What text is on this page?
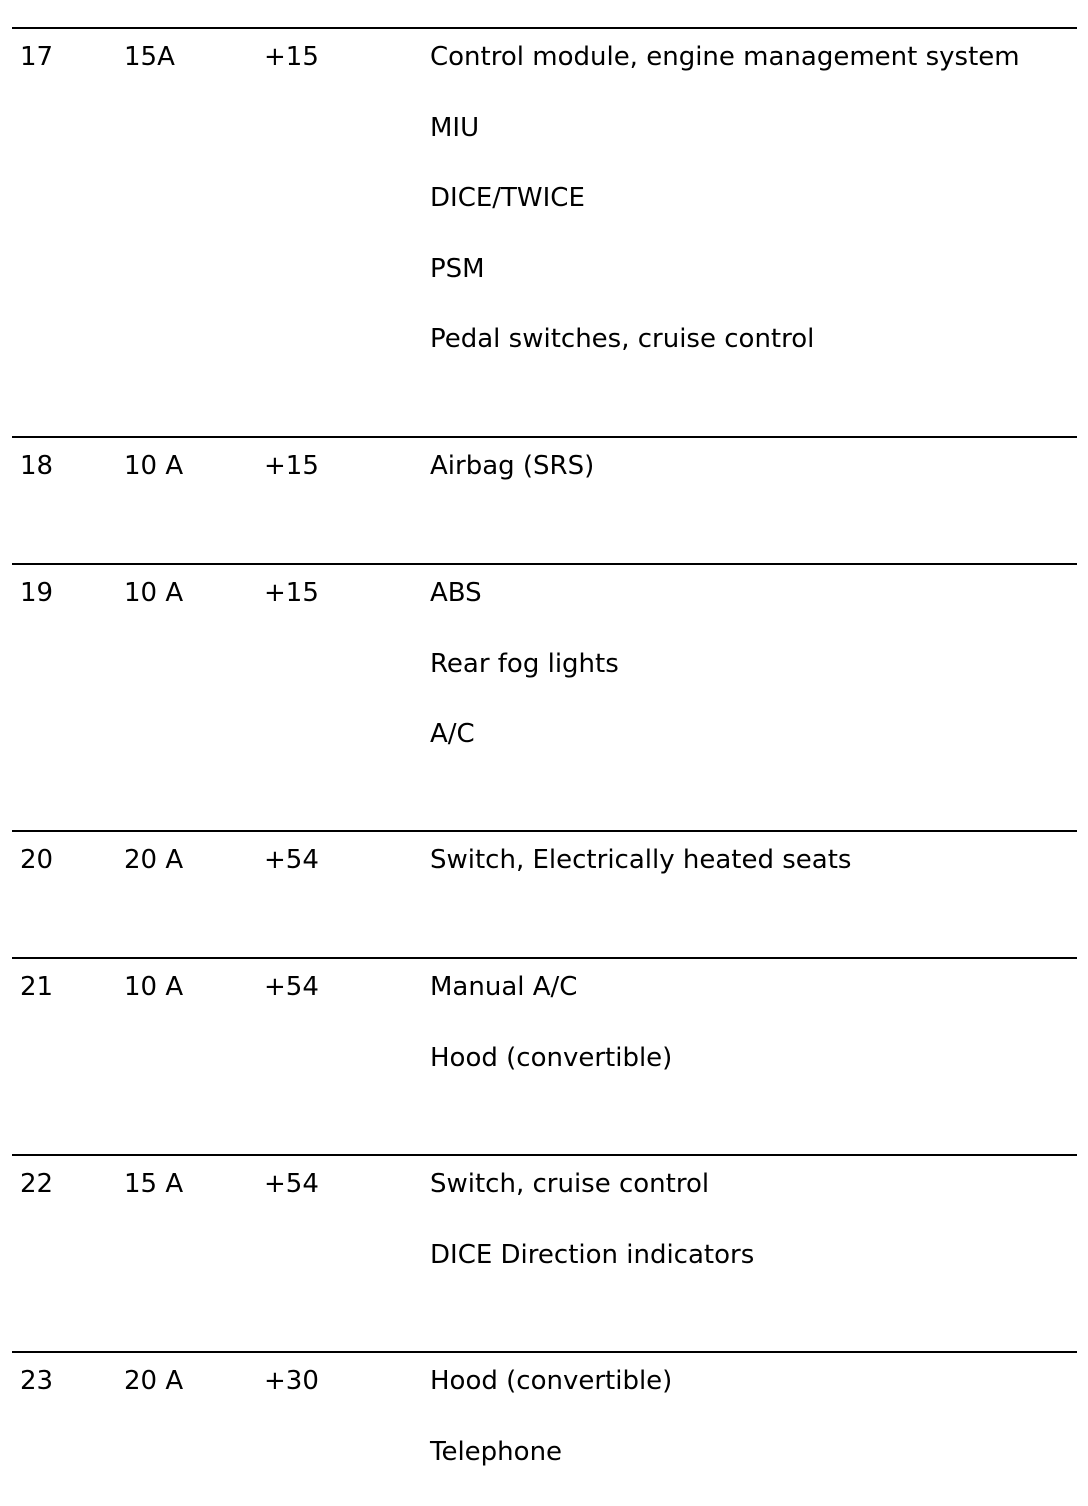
17	15A	+15	Control module, engine management system
MIU
DICE/TWICE
PSM
Pedal switches, cruise control
18	10 A	+15	Airbag (SRS)
19	10 A	+15	ABS
Rear fog lights
A/C
20	20 A	+54	Switch, Electrically heated seats
21	10 A	+54	Manual A/C
Hood (convertible)
22	15 A	+54	Switch, cruise control
DICE Direction indicators
23	20 A	+30	Hood (convertible)
Telephone
